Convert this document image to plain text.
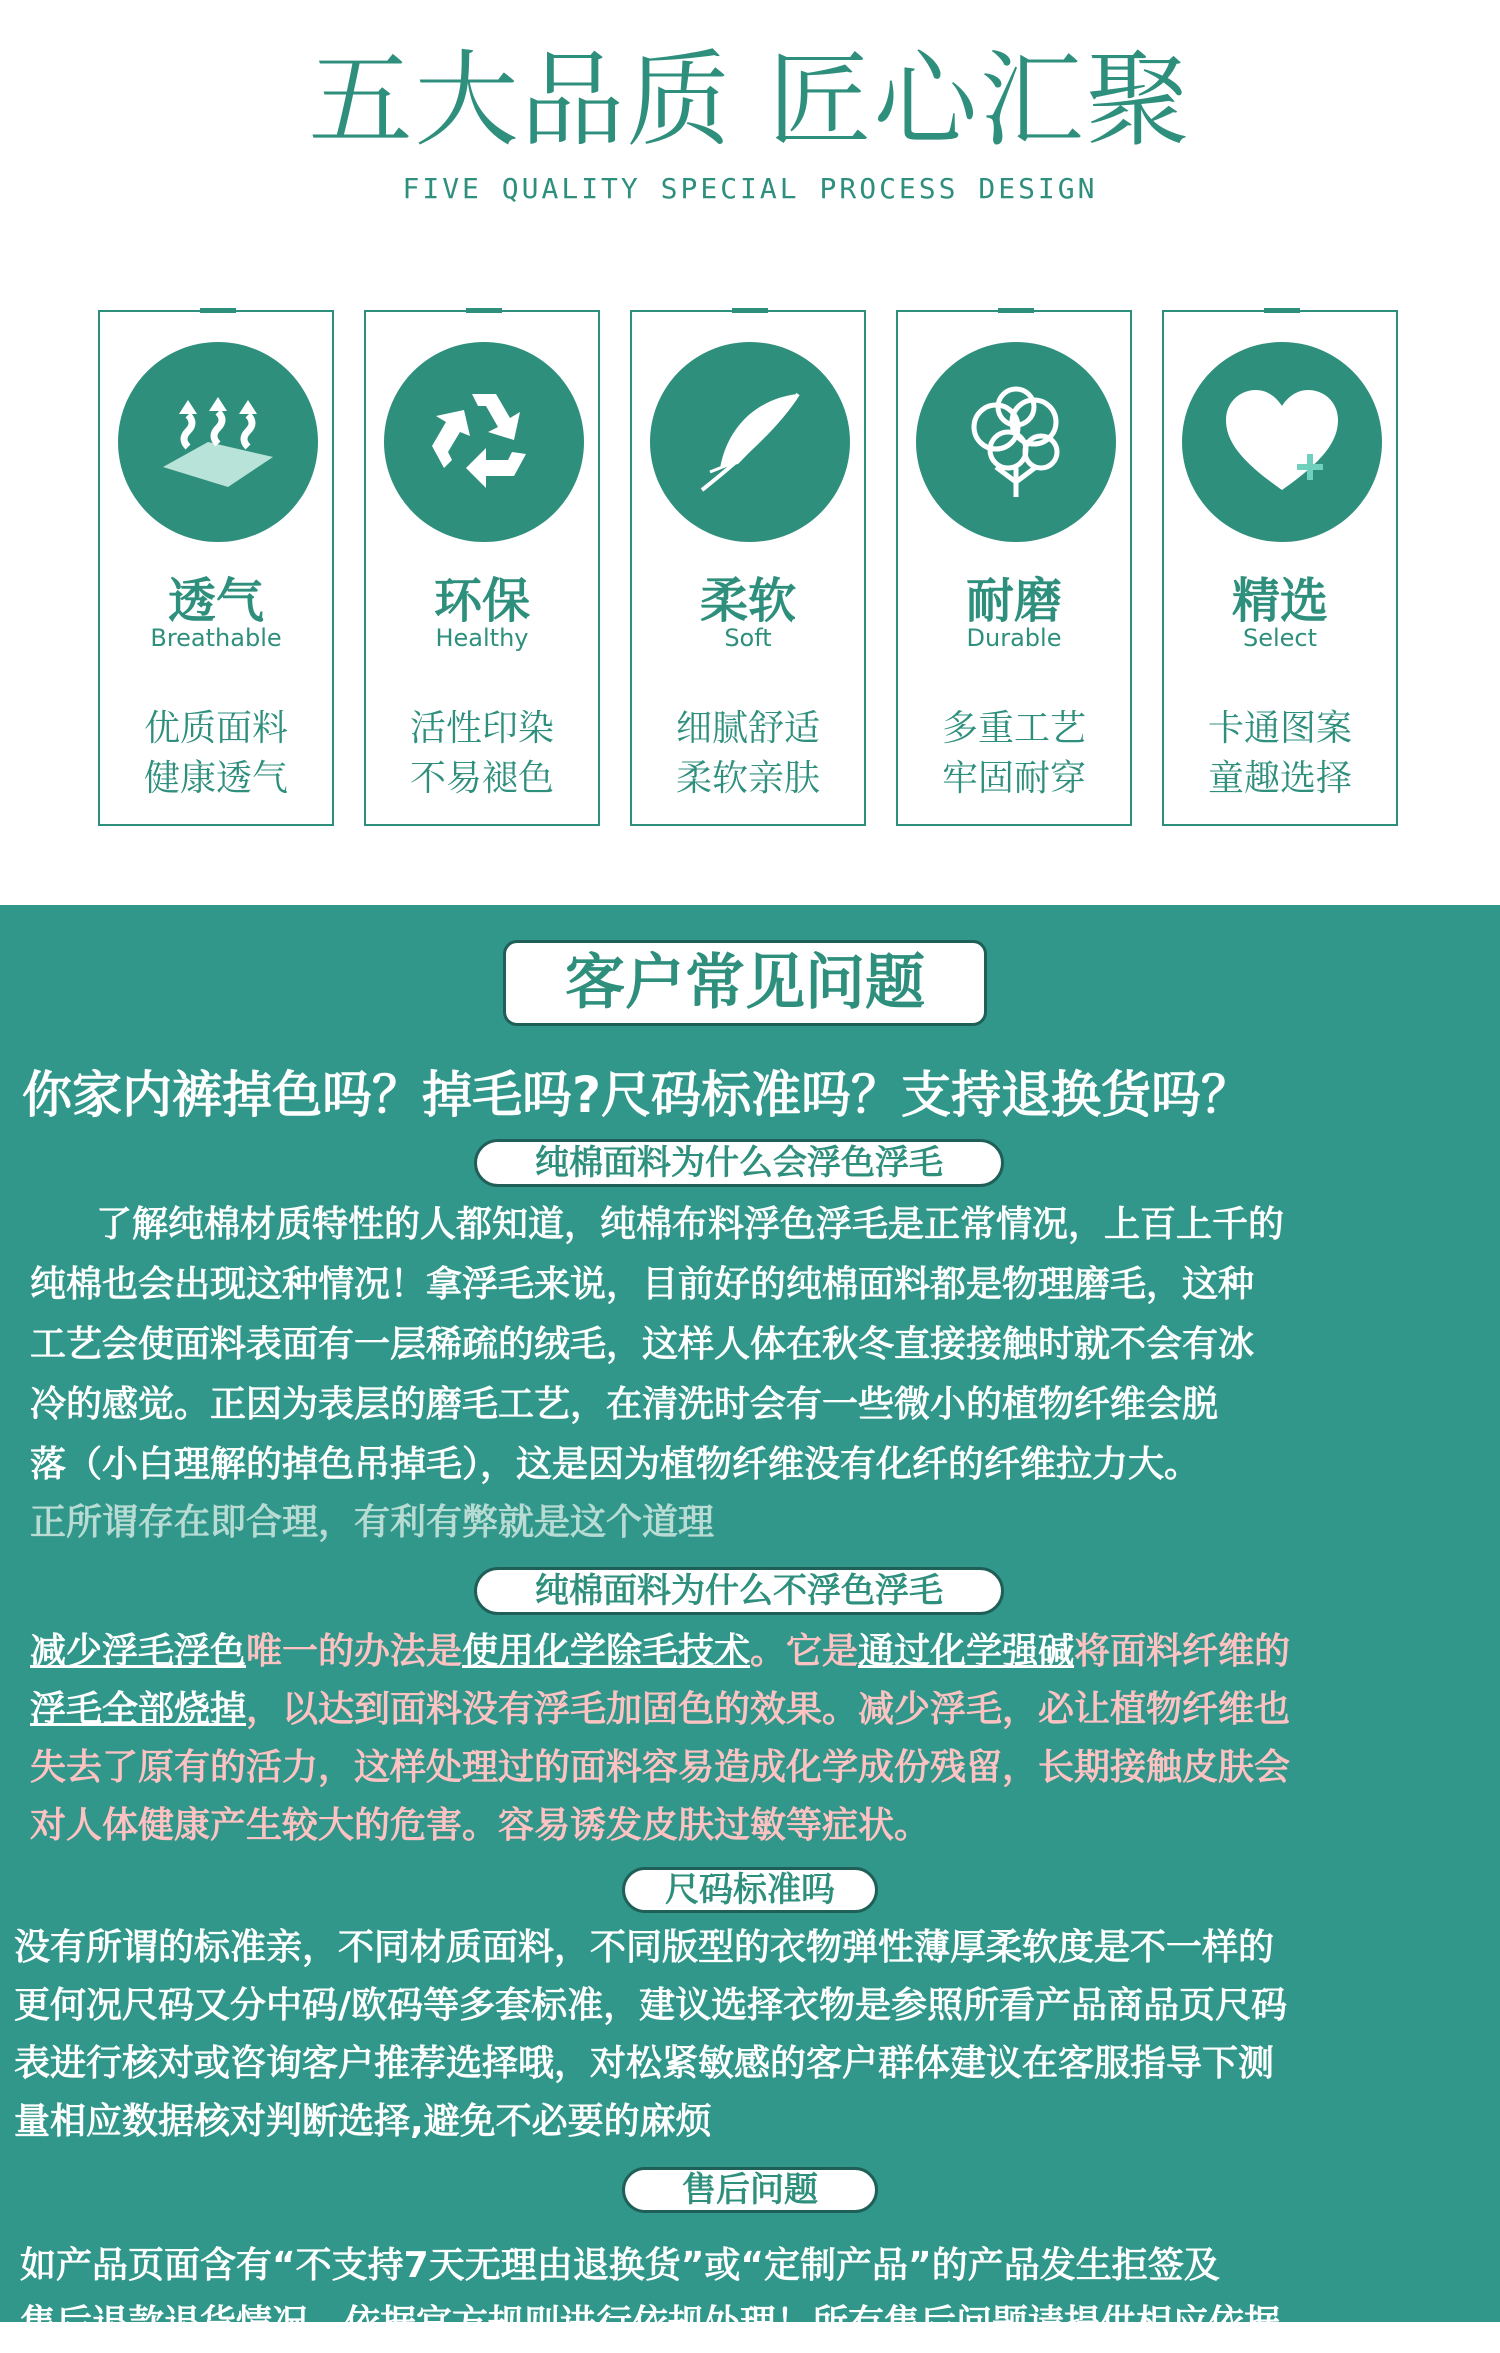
五大品质 匠心汇聚
FIVE QUALITY SPECIAL PROCESS DESIGN
透气
Breathable
优质面料
健康透气
环保
Healthy
活性印染
不易褪色
柔软
Soft
细腻舒适
柔软亲肤
耐磨
Durable
多重工艺
牢固耐穿
精选
Select
卡通图案
童趣选择
客户常见问题
你家内裤掉色吗？掉毛吗?尺码标准吗？支持退换货吗？
纯棉面料为什么会浮色浮毛
了解纯棉材质特性的人都知道，纯棉布料浮色浮毛是正常情况，上百上千的
纯棉也会出现这种情况！拿浮毛来说，目前好的纯棉面料都是物理磨毛，这种
工艺会使面料表面有一层稀疏的绒毛，这样人体在秋冬直接接触时就不会有冰
冷的感觉。正因为表层的磨毛工艺，在清洗时会有一些微小的植物纤维会脱
落（小白理解的掉色吊掉毛），这是因为植物纤维没有化纤的纤维拉力大。
正所谓存在即合理，有利有弊就是这个道理
纯棉面料为什么不浮色浮毛
减少浮毛浮色唯一的办法是使用化学除毛技术。它是通过化学强碱将面料纤维的
浮毛全部烧掉，以达到面料没有浮毛加固色的效果。减少浮毛，必让植物纤维也
失去了原有的活力，这样处理过的面料容易造成化学成份残留，长期接触皮肤会
对人体健康产生较大的危害。容易诱发皮肤过敏等症状。
尺码标准吗
没有所谓的标准亲，不同材质面料，不同版型的衣物弹性薄厚柔软度是不一样的
更何况尺码又分中码/欧码等多套标准，建议选择衣物是参照所看产品商品页尺码
表进行核对或咨询客户推荐选择哦，对松紧敏感的客户群体建议在客服指导下测
量相应数据核对判断选择,避免不必要的麻烦
售后问题
如产品页面含有“不支持7天无理由退换货”或“定制产品”的产品发生拒签及
售后退款退货情况，依据官方规则进行依规处理！所有售后问题请提供相应依据
